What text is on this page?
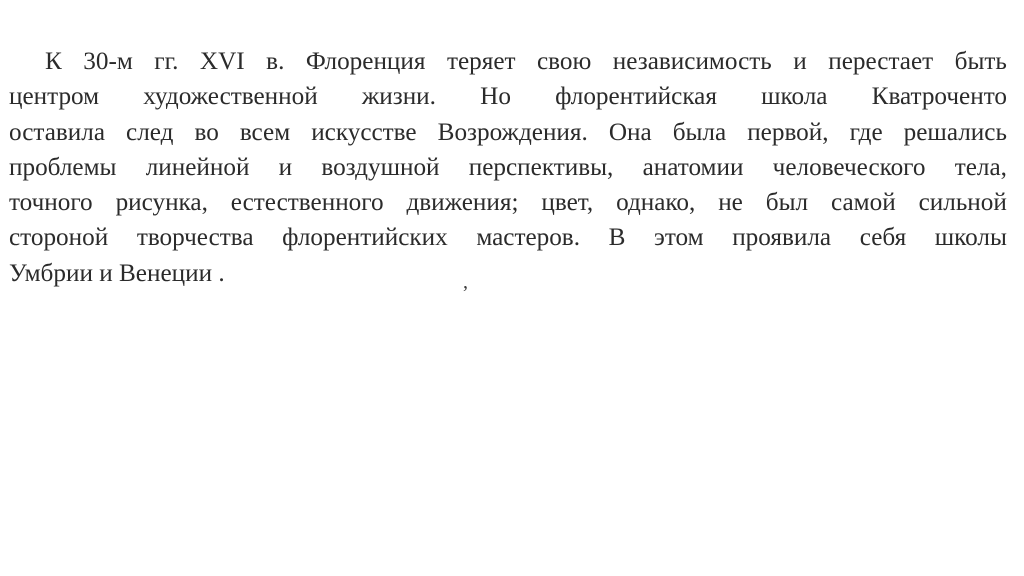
К 30-м гг. XVI в. Флоренция теряет свою независимость и перестает быть
центром художественной жизни. Но флорентийская школа Кватроченто
оставила след во всем искусстве Возрождения. Она была первой, где решались
проблемы линейной и воздушной перспективы, анатомии человеческого тела,
точного рисунка, естественного движения; цвет, однако, не был самой сильной
стороной творчества флорентийских мастеров. В этом проявила себя школы
Умбрии и Венеции .	,
